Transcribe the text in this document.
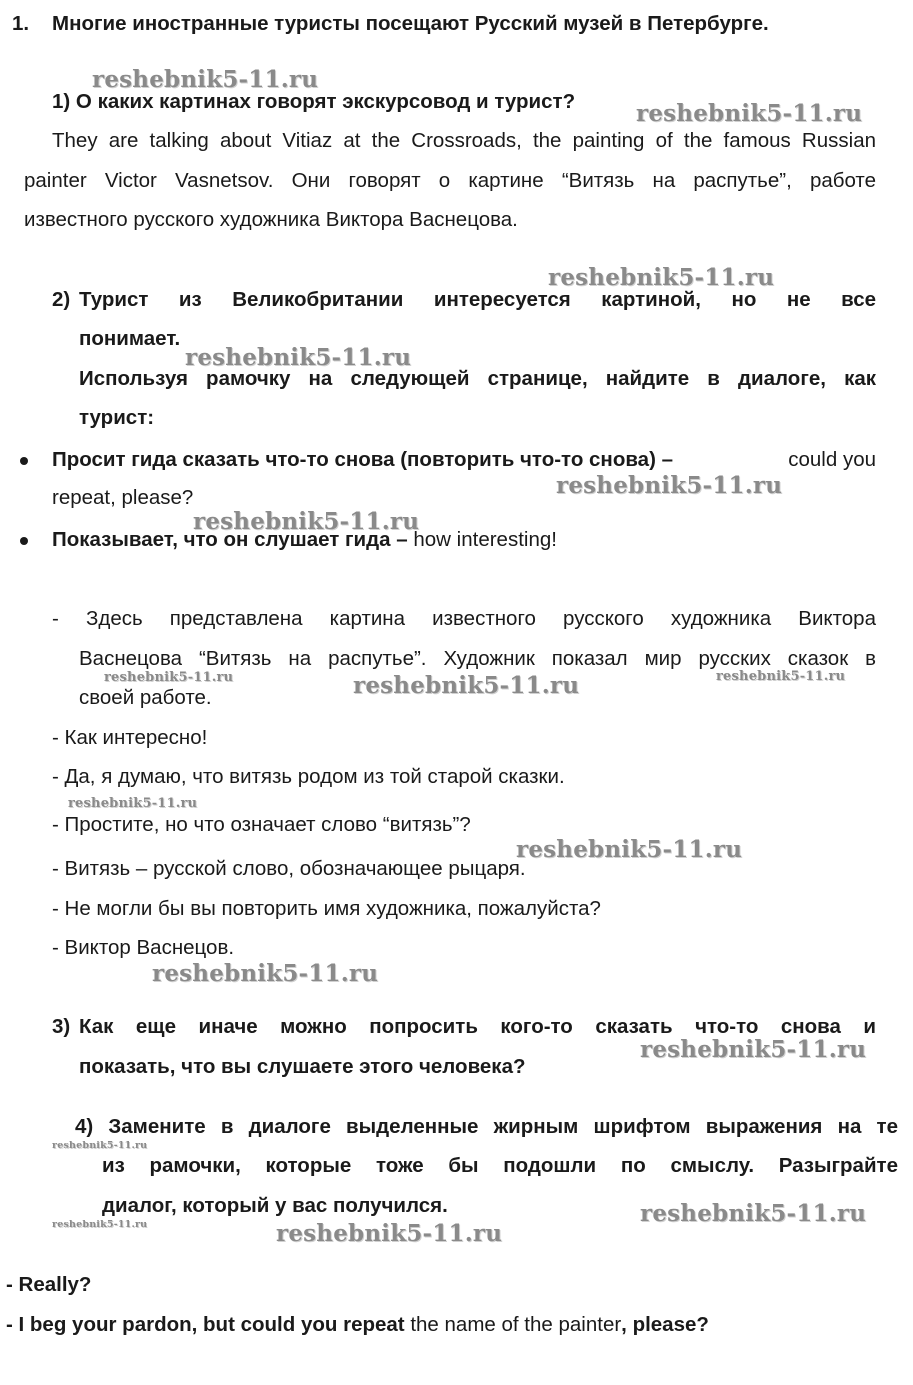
1. Многие иностранные туристы посещают Русский музей в Петербурге.
1) О каких картинах говорят экскурсовод и турист?
They are talking about Vitiaz at the Crossroads, the painting of the famous Russian
painter Victor Vasnetsov. Они говорят о картине “Витязь на распутье”, работе
известного русского художника Виктора Васнецова.
2) Турист из Великобритании интересуется картиной, но не все
понимает.
Используя рамочку на следующей странице, найдите в диалоге, как
турист:
Просит гида сказать что-то снова (повторить что-то снова) –	could you
repeat, please?
Показывает, что он слушает гида – how interesting!
- Здесь представлена картина известного русского художника Виктора
Васнецова “Витязь на распутье”. Художник показал мир русских сказок в
своей работе.
- Как интересно!
- Да, я думаю, что витязь родом из той старой сказки.
- Простите, но что означает слово “витязь”?
- Витязь – русской слово, обозначающее рыцаря.
- Не могли бы вы повторить имя художника, пожалуйста?
- Виктор Васнецов.
3) Как еще иначе можно попросить кого-то сказать что-то снова и
показать, что вы слушаете этого человека?
4) Замените в диалоге выделенные жирным шрифтом выражения на те
из рамочки, которые тоже бы подошли по смыслу. Разыграйте
диалог, который у вас получился.
- Really?
- I beg your pardon, but could you repeat the name of the painter, please?
reshebnik5-11.ru
reshebnik5-11.ru
reshebnik5-11.ru
reshebnik5-11.ru
reshebnik5-11.ru
reshebnik5-11.ru
reshebnik5-11.ru	reshebnik5-11.ru	reshebnik5-11.ru
reshebnik5-11.ru
reshebnik5-11.ru
reshebnik5-11.ru
reshebnik5-11.ru
reshebnik5-11.ru
reshebnik5-11.ru
reshebnik5-11.ru	reshebnik5-11.ru
